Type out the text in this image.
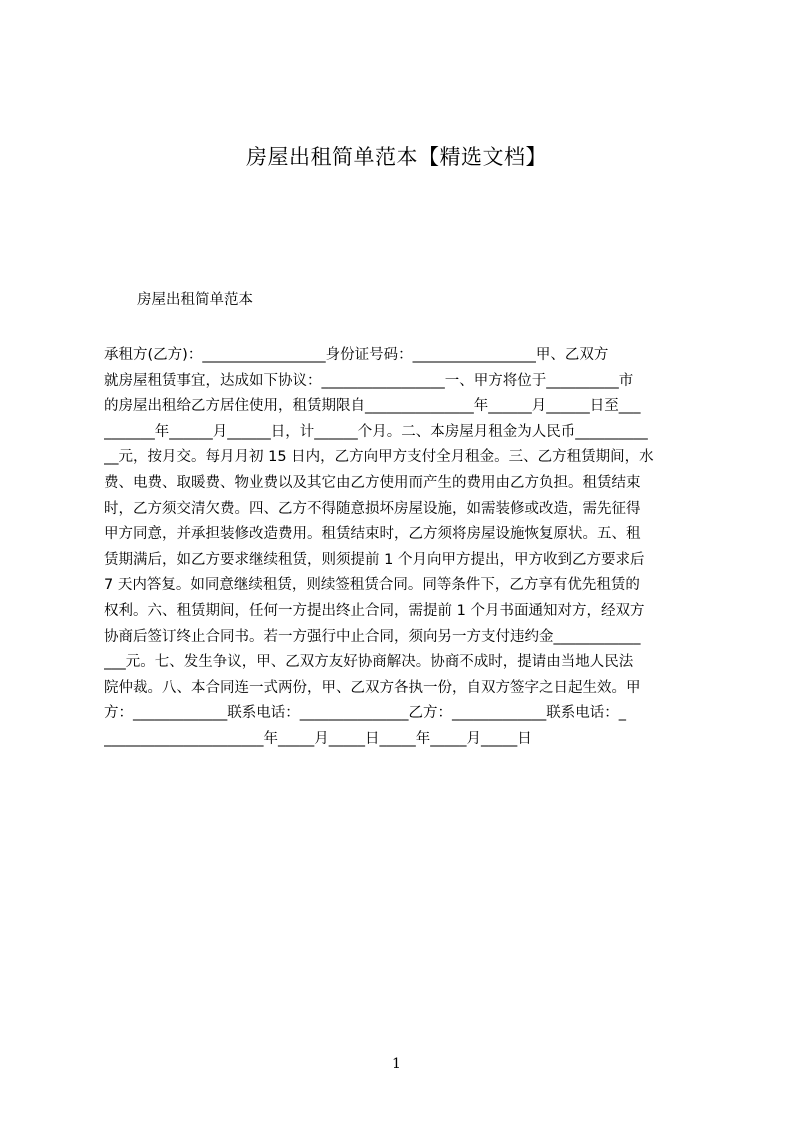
房屋出租简单范本【精选文档】
房屋出租简单范本
承租方(乙方)：_________________身份证号码：_________________甲、乙双方
就房屋租赁事宜，达成如下协议：_________________一、甲方将位于__________市
的房屋出租给乙方居住使用，租赁期限自_______________年______月______日至___
_______年______月______日，计______个月。二、本房屋月租金为人民币__________
__元，按月交。每月月初 15 日内，乙方向甲方支付全月租金。三、乙方租赁期间，水
费、电费、取暖费、物业费以及其它由乙方使用而产生的费用由乙方负担。租赁结束
时，乙方须交清欠费。四、乙方不得随意损坏房屋设施，如需装修或改造，需先征得
甲方同意，并承担装修改造费用。租赁结束时，乙方须将房屋设施恢复原状。五、租
赁期满后，如乙方要求继续租赁，则须提前 1 个月向甲方提出，甲方收到乙方要求后
7 天内答复。如同意继续租赁，则续签租赁合同。同等条件下，乙方享有优先租赁的
权利。六、租赁期间，任何一方提出终止合同，需提前 1 个月书面通知对方，经双方
协商后签订终止合同书。若一方强行中止合同，须向另一方支付违约金____________
___元。七、发生争议，甲、乙双方友好协商解决。协商不成时，提请由当地人民法
院仲裁。八、本合同连一式两份，甲、乙双方各执一份，自双方签字之日起生效。甲
方：_____________联系电话：_______________乙方：_____________联系电话：_
______________________年_____月_____日_____年_____月_____日
1
